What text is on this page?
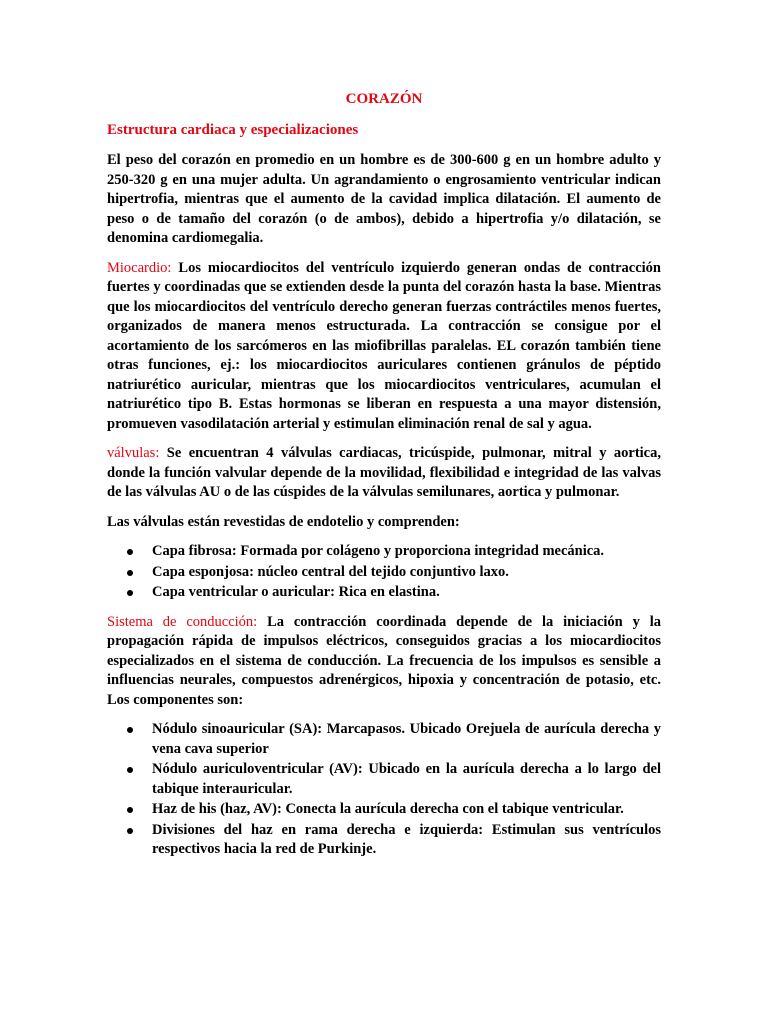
CORAZÓN
Estructura cardiaca y especializaciones

El peso del corazón en promedio en un hombre es de 300-600 g en un hombre adulto y 250-320 g en una mujer adulta. Un agrandamiento o engrosamiento ventricular indican hipertrofia, mientras que el aumento de la cavidad implica dilatación. El aumento de peso o de tamaño del corazón (o de ambos), debido a hipertrofia y/o dilatación, se denomina cardiomegalia.

Miocardio: Los miocardiocitos del ventrículo izquierdo generan ondas de contracción fuertes y coordinadas que se extienden desde la punta del corazón hasta la base. Mientras que los miocardiocitos del ventrículo derecho generan fuerzas contráctiles menos fuertes, organizados de manera menos estructurada. La contracción se consigue por el acortamiento de los sarcómeros en las miofibrillas paralelas. EL corazón también tiene otras funciones, ej.: los miocardiocitos auriculares contienen gránulos de péptido natriurético auricular, mientras que los miocardiocitos ventriculares, acumulan el natriurético tipo B. Estas hormonas se liberan en respuesta a una mayor distensión, promueven vasodilatación arterial y estimulan eliminación renal de sal y agua.

válvulas: Se encuentran 4 válvulas cardiacas, tricúspide, pulmonar, mitral y aortica, donde la función valvular depende de la movilidad, flexibilidad e integridad de las valvas de las válvulas AU o de las cúspides de la válvulas semilunares, aortica y pulmonar.

Las válvulas están revestidas de endotelio y comprenden:

Capa fibrosa: Formada por colágeno y proporciona integridad mecánica.
Capa esponjosa: núcleo central del tejido conjuntivo laxo.
Capa ventricular o auricular: Rica en elastina.

Sistema de conducción: La contracción coordinada depende de la iniciación y la propagación rápida de impulsos eléctricos, conseguidos gracias a los miocardiocitos especializados en el sistema de conducción. La frecuencia de los impulsos es sensible a influencias neurales, compuestos adrenérgicos, hipoxia y concentración de potasio, etc. Los componentes son:

Nódulo sinoauricular (SA): Marcapasos. Ubicado Orejuela de aurícula derecha y vena cava superior
Nódulo auriculoventricular (AV): Ubicado en la aurícula derecha a lo largo del tabique interauricular.
Haz de his (haz, AV): Conecta la aurícula derecha con el tabique ventricular.
Divisiones del haz en rama derecha e izquierda: Estimulan sus ventrículos respectivos hacia la red de Purkinje.
